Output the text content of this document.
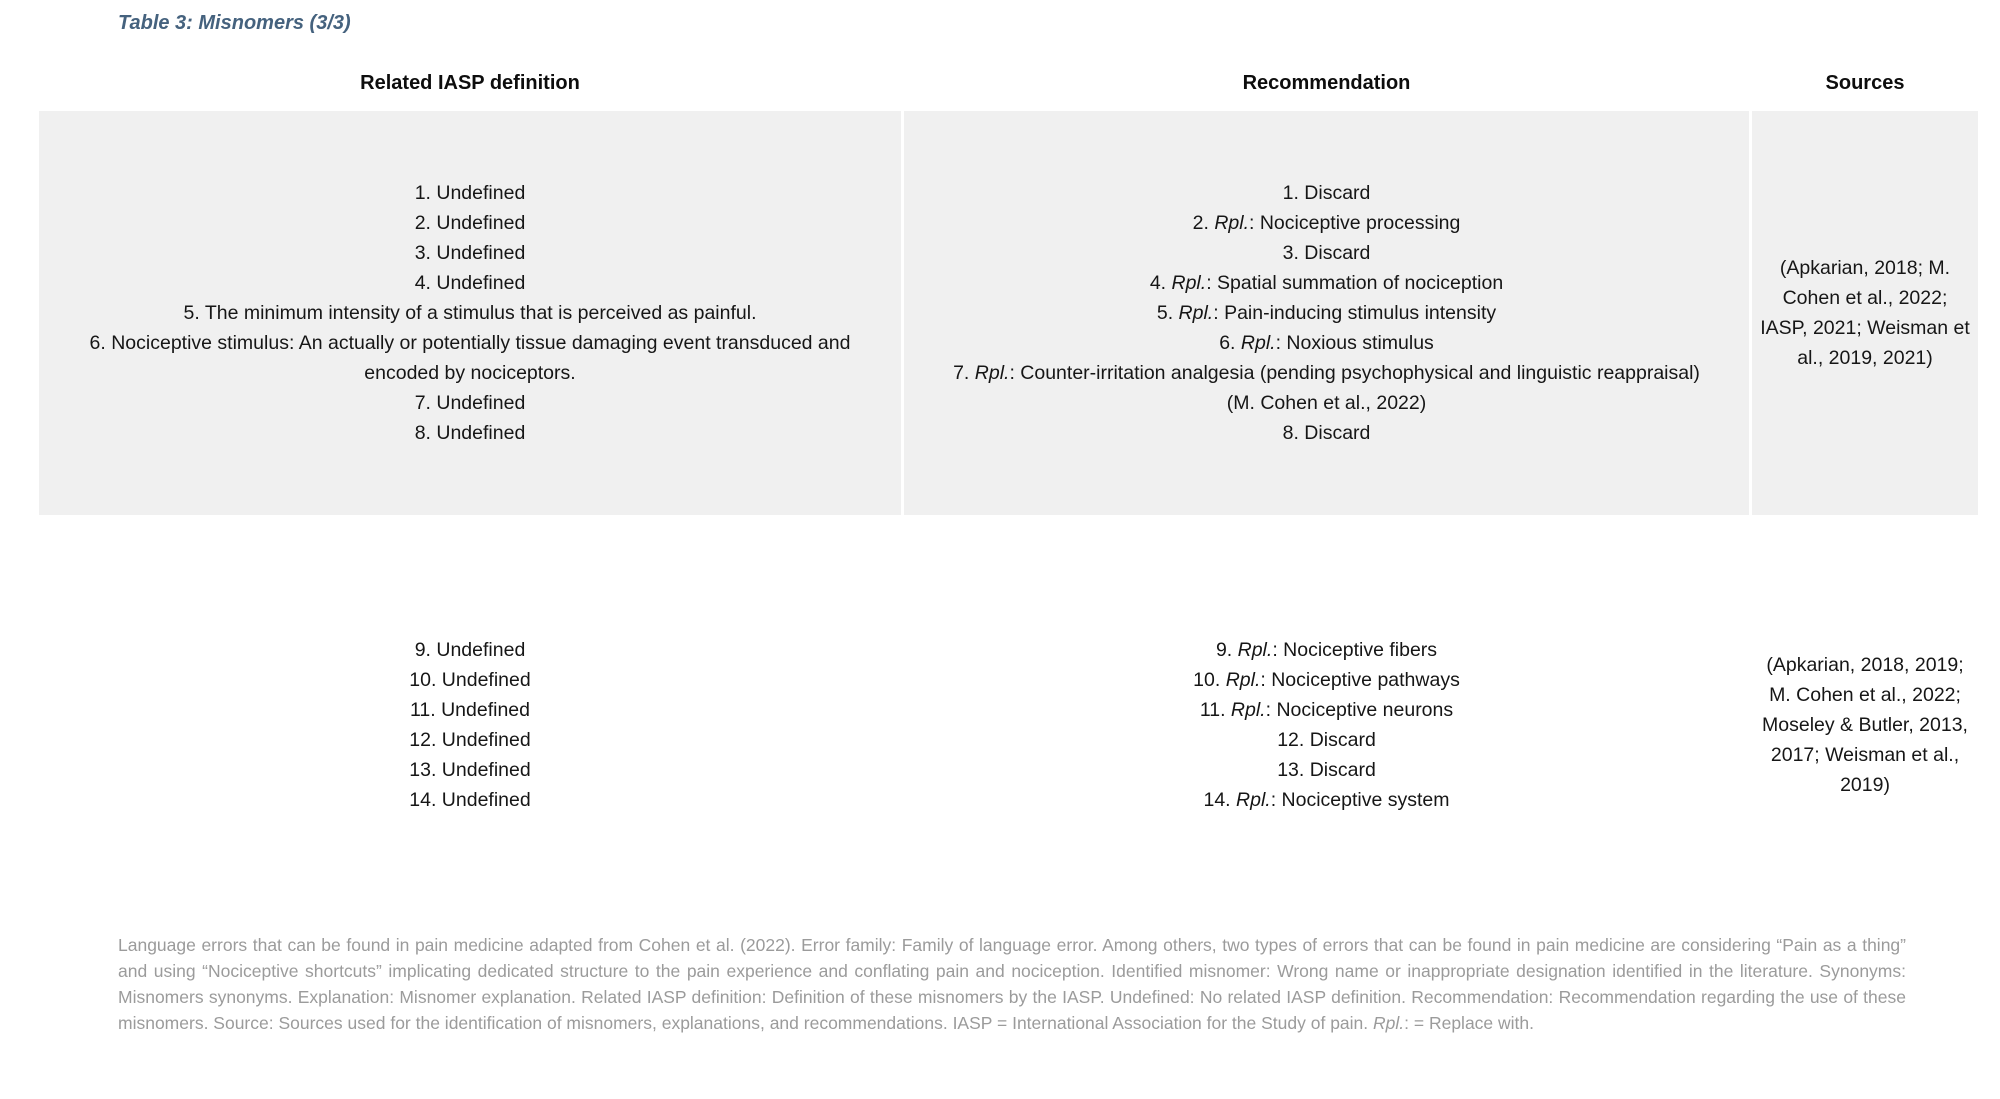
Table 3: Misnomers (3/3)
Related IASP definition	Recommendation	Sources
1. Undefined
2. Undefined
3. Undefined
4. Undefined
5. The minimum intensity of a stimulus that is perceived as painful.
6. Nociceptive stimulus: An actually or potentially tissue damaging event transduced and encoded by nociceptors.
7. Undefined
8. Undefined
1. Discard
2. Rpl.: Nociceptive processing
3. Discard
4. Rpl.: Spatial summation of nociception
5. Rpl.: Pain-inducing stimulus intensity
6. Rpl.: Noxious stimulus
7. Rpl.: Counter-irritation analgesia (pending psychophysical and linguistic reappraisal) (M. Cohen et al., 2022)
8. Discard
(Apkarian, 2018; M. Cohen et al., 2022; IASP, 2021; Weisman et al., 2019, 2021)
9. Undefined
10. Undefined
11. Undefined
12. Undefined
13. Undefined
14. Undefined
9. Rpl.: Nociceptive fibers
10. Rpl.: Nociceptive pathways
11. Rpl.: Nociceptive neurons
12. Discard
13. Discard
14. Rpl.: Nociceptive system
(Apkarian, 2018, 2019; M. Cohen et al., 2022; Moseley & Butler, 2013, 2017; Weisman et al., 2019)
Language errors that can be found in pain medicine adapted from Cohen et al. (2022). Error family: Family of language error. Among others, two types of errors that can be found in pain medicine are considering “Pain as a thing” and using “Nociceptive shortcuts” implicating dedicated structure to the pain experience and conflating pain and nociception. Identified misnomer: Wrong name or inappropriate designation identified in the literature. Synonyms: Misnomers synonyms. Explanation: Misnomer explanation. Related IASP definition: Definition of these misnomers by the IASP. Undefined: No related IASP definition. Recommendation: Recommendation regarding the use of these misnomers. Source: Sources used for the identification of misnomers, explanations, and recommendations. IASP = International Association for the Study of pain. Rpl.: = Replace with.
